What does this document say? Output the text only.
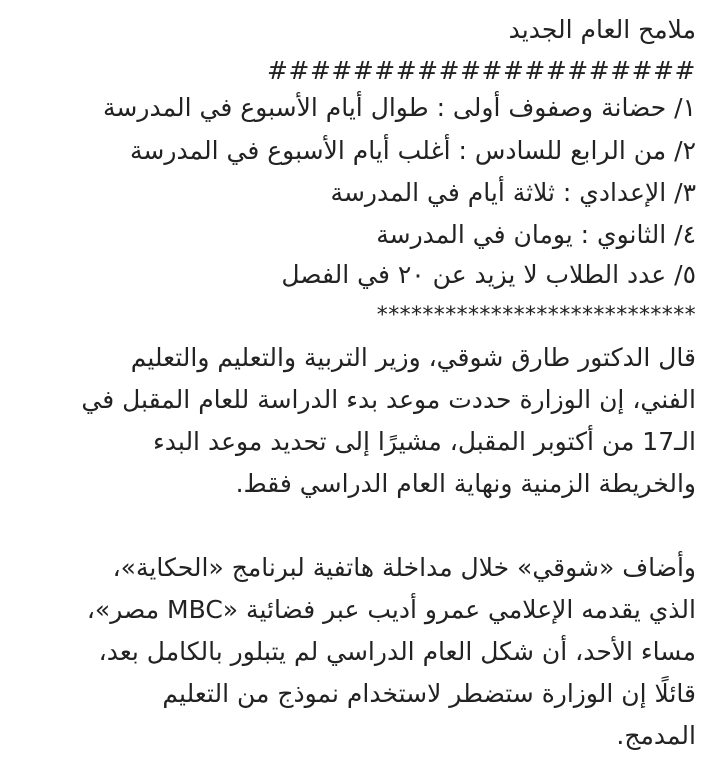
ملامح العام الجديد
####################
١/ حضانة وصفوف أولى : طوال أيام الأسبوع في المدرسة
٢/ من الرابع للسادس : أغلب أيام الأسبوع في المدرسة
٣/ الإعدادي : ثلاثة أيام في المدرسة
٤/ الثانوي : يومان في المدرسة
٥/ عدد الطلاب لا يزيد عن ٢٠ في الفصل
****************************
قال الدكتور طارق شوقي، وزير التربية والتعليم والتعليم
الفني، إن الوزارة حددت موعد بدء الدراسة للعام المقبل في
الـ17 من أكتوبر المقبل، مشيرًا إلى تحديد موعد البدء
والخريطة الزمنية ونهاية العام الدراسي فقط.
وأضاف «شوقي» خلال مداخلة هاتفية لبرنامج «الحكاية»،
الذي يقدمه الإعلامي عمرو أديب عبر فضائية «MBC مصر»،
مساء الأحد، أن شكل العام الدراسي لم يتبلور بالكامل بعد،
قائلًا إن الوزارة ستضطر لاستخدام نموذج من التعليم
المدمج.
